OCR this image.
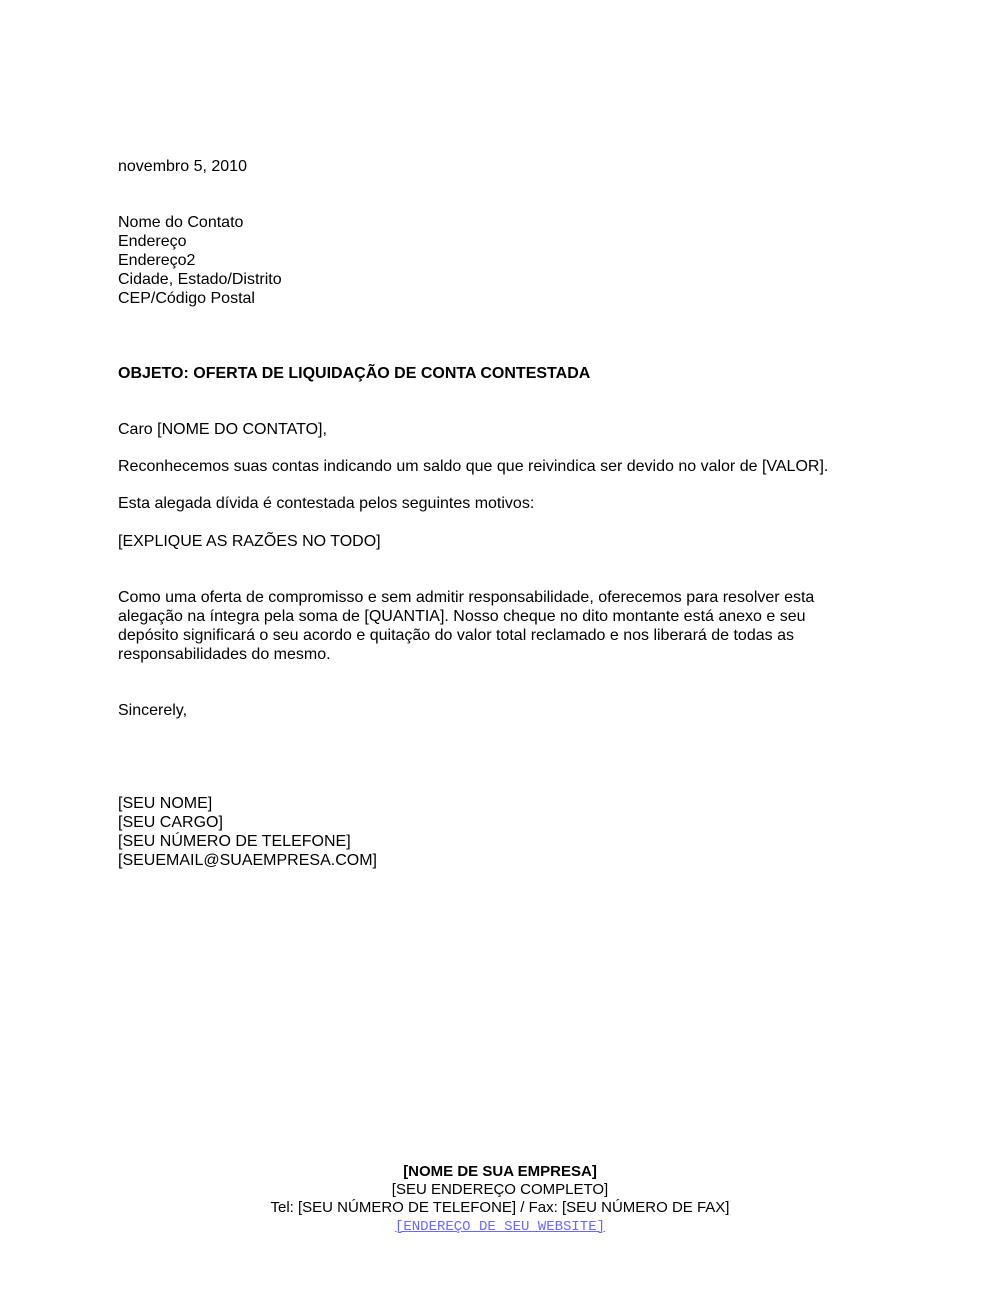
novembro 5, 2010
Nome do Contato
Endereço
Endereço2
Cidade, Estado/Distrito
CEP/Código Postal
OBJETO: OFERTA DE LIQUIDAÇÃO DE CONTA CONTESTADA
Caro [NOME DO CONTATO],
Reconhecemos suas contas indicando um saldo que que reivindica ser devido no valor de [VALOR].
Esta alegada dívida é contestada pelos seguintes motivos:
[EXPLIQUE AS RAZÕES NO TODO]
Como uma oferta de compromisso e sem admitir responsabilidade, oferecemos para resolver esta
alegação na íntegra pela soma de [QUANTIA]. Nosso cheque no dito montante está anexo e seu
depósito significará o seu acordo e quitação do valor total reclamado e nos liberará de todas as
responsabilidades do mesmo.
Sincerely,
[SEU NOME]
[SEU CARGO]
[SEU NÚMERO DE TELEFONE]
[SEUEMAIL@SUAEMPRESA.COM]
[NOME DE SUA EMPRESA]
[SEU ENDEREÇO COMPLETO]
Tel: [SEU NÚMERO DE TELEFONE] / Fax: [SEU NÚMERO DE FAX]
[ENDEREÇO DE SEU WEBSITE]
